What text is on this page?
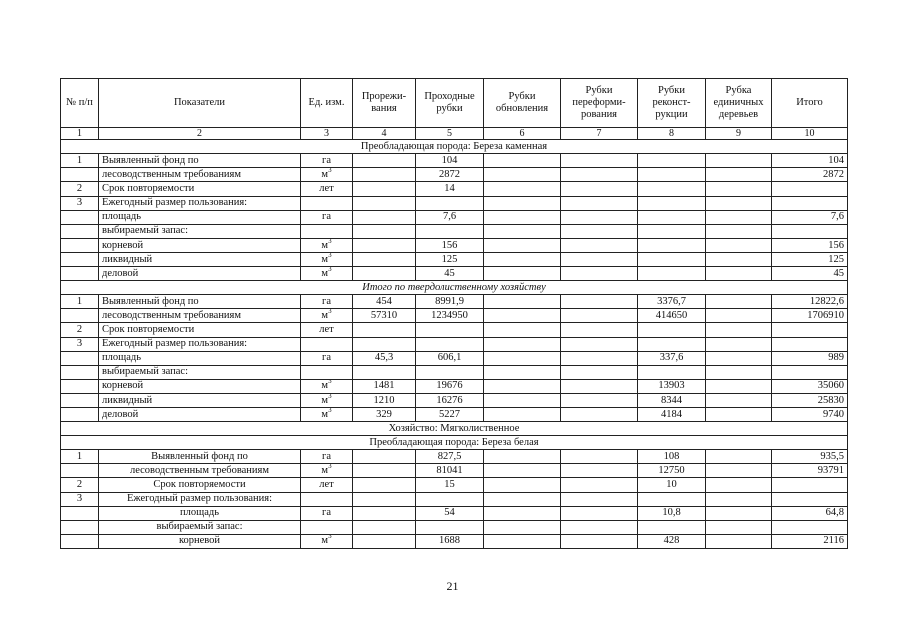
№ п/п	Показатели	Ед. изм.	Прорежи-вания	Проходные рубки	Рубки обновления	Рубки переформи-рования	Рубки реконст-рукции	Рубка единичных деревьев	Итого
1	2	3	4	5	6	7	8	9	10
Преобладающая порода: Береза каменная									
1	Выявленный фонд по	га		104					104
	лесоводственным требованиям	$м^3$		2872					2872
2	Срок повторяемости	лет		14					
3	Ежегодный размер пользования:								
	площадь	га		7,6					7,6
	выбираемый запас:								
	корневой	$м^3$		156					156
	ликвидный	$м^3$		125					125
	деловой	$м^3$		45					45
Итого по твердолиственному хозяйству									
1	Выявленный фонд по	га	454	8991,9			3376,7		12822,6
	лесоводственным требованиям	$м^3$	57310	1234950			414650		1706910
2	Срок повторяемости	лет							
3	Ежегодный размер пользования:								
	площадь	га	45,3	606,1			337,6		989
	выбираемый запас:								
	корневой	$м^3$	1481	19676			13903		35060
	ликвидный	$м^3$	1210	16276			8344		25830
	деловой	$м^3$	329	5227			4184		9740
Хозяйство: Мягколиственное									
Преобладающая порода: Береза белая									
1	Выявленный фонд по	га		827,5			108		935,5
	лесоводственным требованиям	$м^3$		81041			12750		93791
2	Срок повторяемости	лет		15			10		
3	Ежегодный размер пользования:								
	площадь	га		54			10,8		64,8
	выбираемый запас:								
	корневой	$м^3$		1688			428		2116
21
